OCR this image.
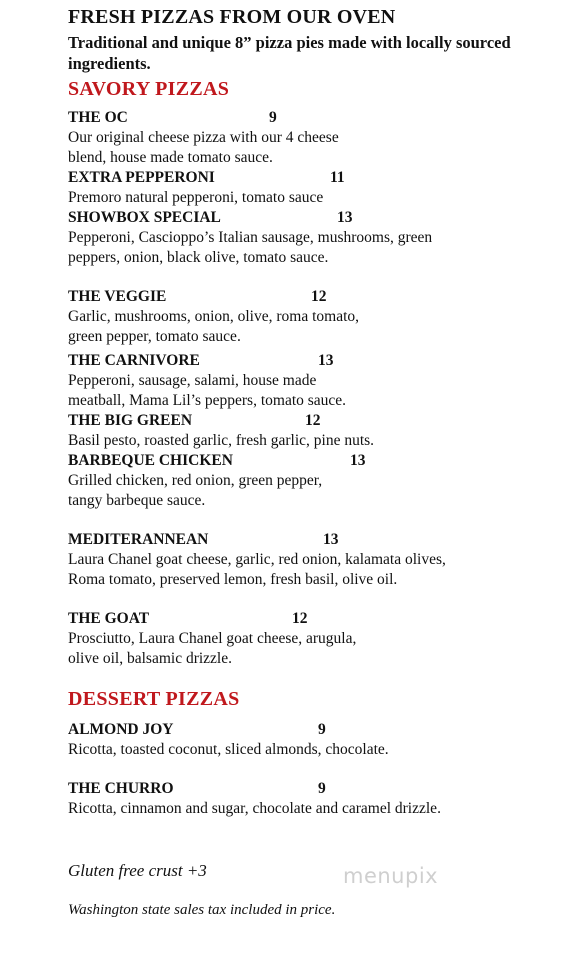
FRESH PIZZAS FROM OUR OVEN
Traditional and unique 8” pizza pies made with locally sourced ingredients.
SAVORY PIZZAS
THE OC	9
Our original cheese pizza with our 4 cheese
blend, house made tomato sauce.
EXTRA PEPPERONI	11
Premoro natural pepperoni, tomato sauce
SHOWBOX SPECIAL	13
Pepperoni, Cascioppo’s Italian sausage, mushrooms, green
peppers, onion, black olive, tomato sauce.
THE VEGGIE	12
Garlic, mushrooms, onion, olive, roma tomato,
green pepper, tomato sauce.
THE CARNIVORE	13
Pepperoni, sausage, salami, house made
meatball, Mama Lil’s peppers, tomato sauce.
THE BIG GREEN	12
Basil pesto, roasted garlic, fresh garlic, pine nuts.
BARBEQUE CHICKEN	13
Grilled chicken, red onion, green pepper,
tangy barbeque sauce.
MEDITERANNEAN	13
Laura Chanel goat cheese, garlic, red onion, kalamata olives,
Roma tomato, preserved lemon, fresh basil, olive oil.
THE GOAT	12
Prosciutto, Laura Chanel goat cheese, arugula,
olive oil, balsamic drizzle.
DESSERT PIZZAS
ALMOND JOY	9
Ricotta, toasted coconut, sliced almonds, chocolate.
THE CHURRO	9
Ricotta, cinnamon and sugar, chocolate and caramel drizzle.
Gluten free crust +3
Washington state sales tax included in price.
menupix
